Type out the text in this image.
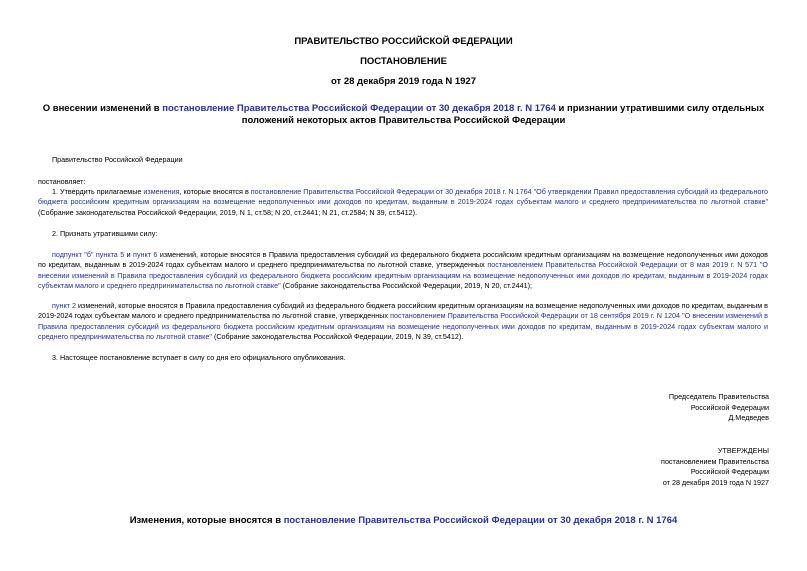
ПРАВИТЕЛЬСТВО РОССИЙСКОЙ ФЕДЕРАЦИИ
ПОСТАНОВЛЕНИЕ
от 28 декабря 2019 года N 1927
О внесении изменений в постановление Правительства Российской Федерации от 30 декабря 2018 г. N 1764 и признании утратившими силу отдельных положений некоторых актов Правительства Российской Федерации
Правительство Российской Федерации
постановляет:
1. Утвердить прилагаемые изменения, которые вносятся в постановление Правительства Российской Федерации от 30 декабря 2018 г. N 1764 "Об утверждении Правил предоставления субсидий из федерального бюджета российским кредитным организациям на возмещение недополученных ими доходов по кредитам, выданным в 2019-2024 годах субъектам малого и среднего предпринимательства по льготной ставке" (Собрание законодательства Российской Федерации, 2019, N 1, ст.58; N 20, ст.2441; N 21, ст.2584; N 39, ст.5412).
2. Признать утратившими силу:
подпункт "б" пункта 5 и пункт 6 изменений, которые вносятся в Правила предоставления субсидий из федерального бюджета российским кредитным организациям на возмещение недополученных ими доходов по кредитам, выданным в 2019-2024 годах субъектам малого и среднего предпринимательства по льготной ставке, утвержденных постановлением Правительства Российской Федерации от 8 мая 2019 г. N 571 "О внесении изменений в Правила предоставления субсидий из федерального бюджета российским кредитным организациям на возмещение недополученных ими доходов по кредитам, выданным в 2019-2024 годах субъектам малого и среднего предпринимательства по льготной ставке" (Собрание законодательства Российской Федерации, 2019, N 20, ст.2441);
пункт 2 изменений, которые вносятся в Правила предоставления субсидий из федерального бюджета российским кредитным организациям на возмещение недополученных ими доходов по кредитам, выданным в 2019-2024 годах субъектам малого и среднего предпринимательства по льготной ставке, утвержденных постановлением Правительства Российской Федерации от 18 сентября 2019 г. N 1204 "О внесении изменений в Правила предоставления субсидий из федерального бюджета российским кредитным организациям на возмещение недополученных ими доходов по кредитам, выданным в 2019-2024 годах субъектам малого и среднего предпринимательства по льготной ставке" (Собрание законодательства Российской Федерации, 2019, N 39, ст.5412).
3. Настоящее постановление вступает в силу со дня его официального опубликования.
Председатель Правительства
Российской Федерации
Д.Медведев
УТВЕРЖДЕНЫ
постановлением Правительства
Российской Федерации
от 28 декабря 2019 года N 1927
Изменения, которые вносятся в постановление Правительства Российской Федерации от 30 декабря 2018 г. N 1764
